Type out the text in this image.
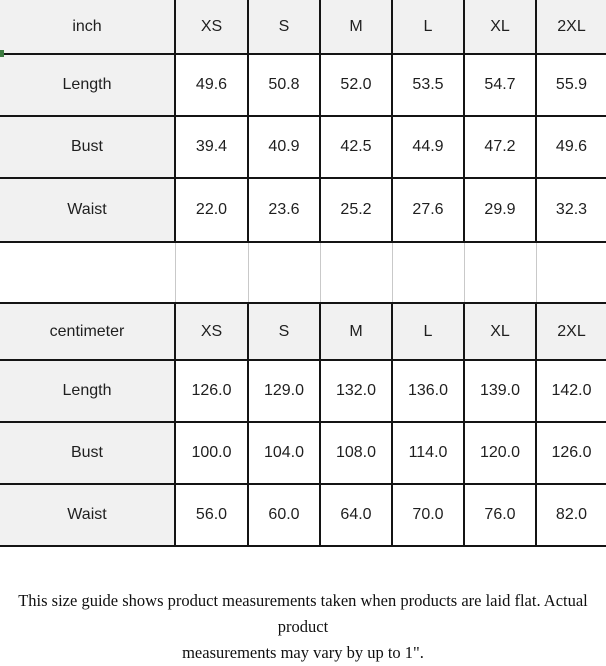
inch	XS	S	M	L	XL	2XL
Length	49.6	50.8	52.0	53.5	54.7	55.9
Bust	39.4	40.9	42.5	44.9	47.2	49.6
Waist	22.0	23.6	25.2	27.6	29.9	32.3

centimeter	XS	S	M	L	XL	2XL
Length	126.0	129.0	132.0	136.0	139.0	142.0
Bust	100.0	104.0	108.0	114.0	120.0	126.0
Waist	56.0	60.0	64.0	70.0	76.0	82.0
This size guide shows product measurements taken when products are laid flat. Actual product
measurements may vary by up to 1".
